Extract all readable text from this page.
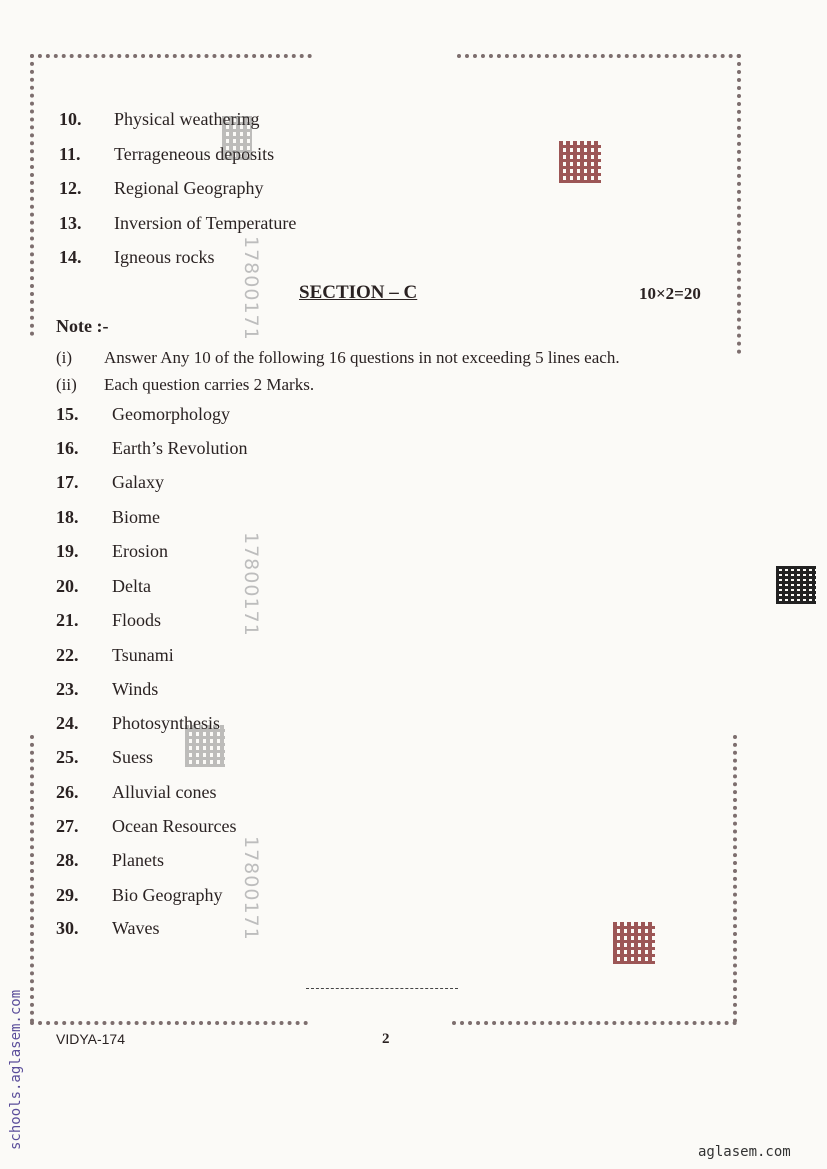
10. Physical weathering
11. Terrageneous deposits
12. Regional Geography
13. Inversion of Temperature
14. Igneous rocks
SECTION – C	10×2=20
Note :-
(i) Answer Any 10 of the following 16 questions in not exceeding 5 lines each.
(ii) Each question carries 2 Marks.
15. Geomorphology
16. Earth’s Revolution
17. Galaxy
18. Biome
19. Erosion
20. Delta
21. Floods
22. Tsunami
23. Winds
24. Photosynthesis
25. Suess
26. Alluvial cones
27. Ocean Resources
28. Planets
29. Bio Geography
30. Waves
17800171
17800171
17800171
VIDYA-174	2
schools.aglasem.com
aglasem.com
